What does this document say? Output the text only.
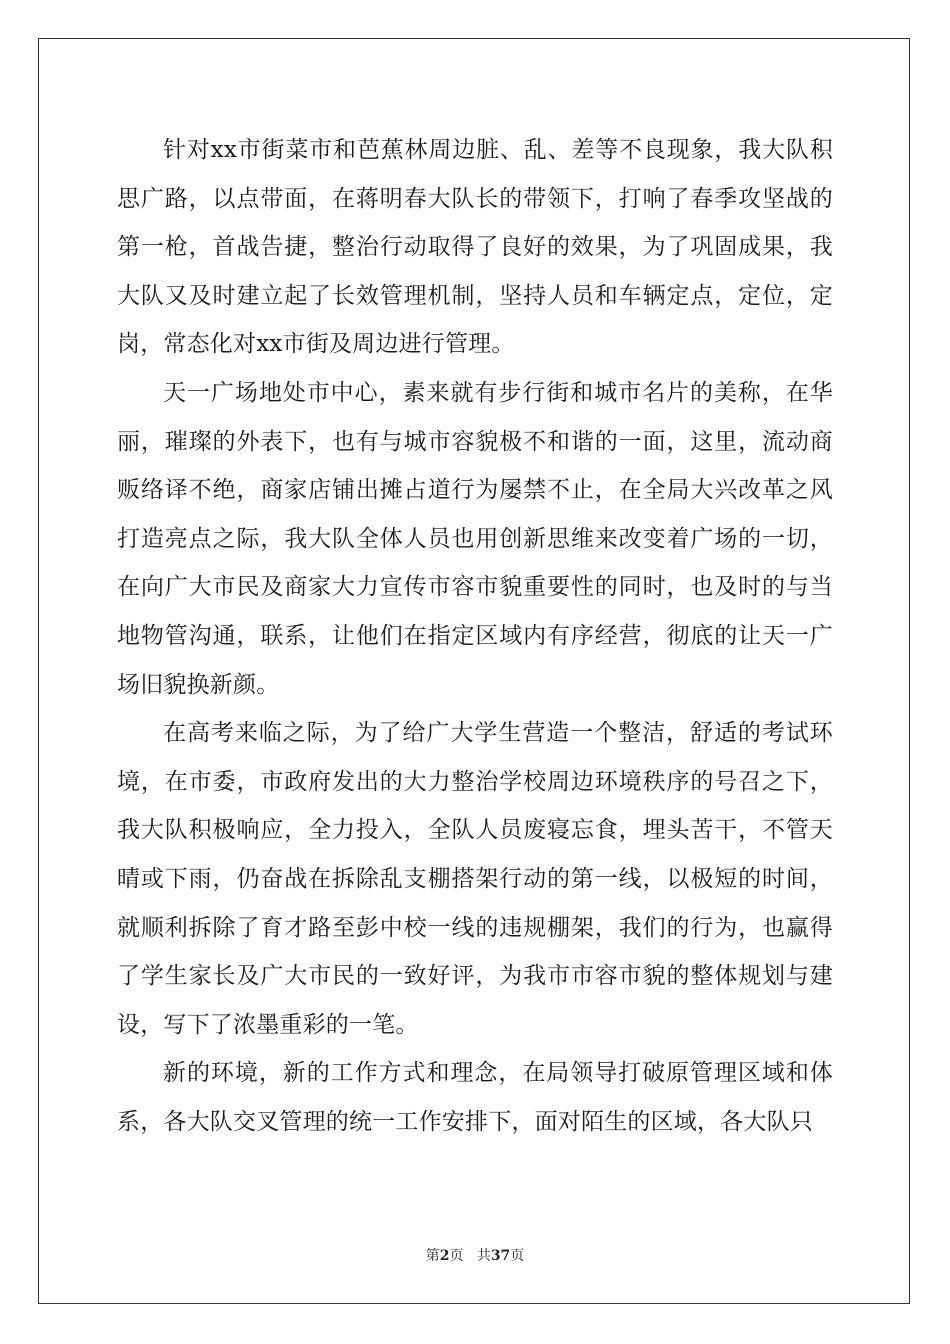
针对xx市街菜市和芭蕉林周边脏、乱、差等不良现象，我大队积思广路，以点带面，在蒋明春大队长的带领下，打响了春季攻坚战的第一枪，首战告捷，整治行动取得了良好的效果，为了巩固成果，我大队又及时建立起了长效管理机制，坚持人员和车辆定点，定位，定岗，常态化对xx市街及周边进行管理。

天一广场地处市中心，素来就有步行街和城市名片的美称，在华丽，璀璨的外表下，也有与城市容貌极不和谐的一面，这里，流动商贩络译不绝，商家店铺出摊占道行为屡禁不止，在全局大兴改革之风打造亮点之际，我大队全体人员也用创新思维来改变着广场的一切，在向广大市民及商家大力宣传市容市貌重要性的同时，也及时的与当地物管沟通，联系，让他们在指定区域内有序经营，彻底的让天一广场旧貌换新颜。

在高考来临之际，为了给广大学生营造一个整洁，舒适的考试环境，在市委，市政府发出的大力整治学校周边环境秩序的号召之下，我大队积极响应，全力投入，全队人员废寝忘食，埋头苦干，不管天晴或下雨，仍奋战在拆除乱支棚搭架行动的第一线，以极短的时间，就顺利拆除了育才路至彭中校一线的违规棚架，我们的行为，也赢得了学生家长及广大市民的一致好评，为我市市容市貌的整体规划与建设，写下了浓墨重彩的一笔。

新的环境，新的工作方式和理念，在局领导打破原管理区域和体系，各大队交叉管理的统一工作安排下，面对陌生的区域，各大队只

第2页 共37页
